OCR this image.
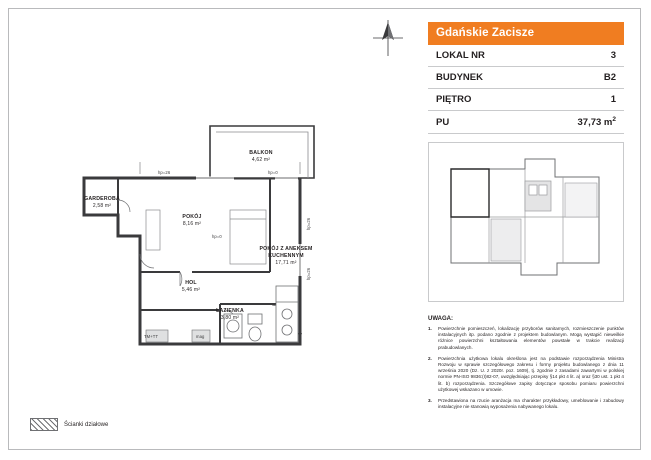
BALKON
4,62 m²
GARDEROBA
2,58 m²
POKÓJ
8,16 m²
POKÓJ Z ANEKSEM KUCHENNYM
17,71 m²
HOL
5,46 m²
ŁAZIENKA
3,80 m²
hp=26	hp=0
hp=0
hp=26
hp=26
TM+TT
W
W
mag
Ścianki działowe
Gdańskie Zacisze
LOKAL NR	3
BUDYNEK	B2
PIĘTRO	1
PU	37,73 $m^2$
UWAGA:
1.	Powierzchnie pomieszczeń, lokalizację przyborów sanitarnych, rozmieszczenie punktów instalacyjnych itp. podano zgodnie z projektem budowlanym. Mogą wystąpić nieweilkie różnice powierzchni kształtowania elementów powstałe w trakcie realizacji prabudowlanych.
2.	Powierzchnia użytkowa lokalu określona jest na podstawie rozporządzenia Ministra Rozwoju w sprawie szczegółowego zakresu i formy projektu budowlanego z dnia 11 września 2020 (Dz. U. z 2020r. poz. 1609), tj. zgodnie z zasadami zawartymi w polskiej normie PN-ISO 9836:(I)82-07, uwzględniając przepisy §14 pkt 4 lit. a) oraz §30 ust. 1 pkt 4 lit. b) rozporządzenia. Szczegółowe zapisy dotyczące sposobu pomiaru powierzchni użytkowej wskazano w umowie.
3.	Przedstawiona na rzucie aranżacja ma charakter przykładowy, umeblowanie i zabudowy instalacyjne nie stanowią wyposażenia nabywanego lokalu.
